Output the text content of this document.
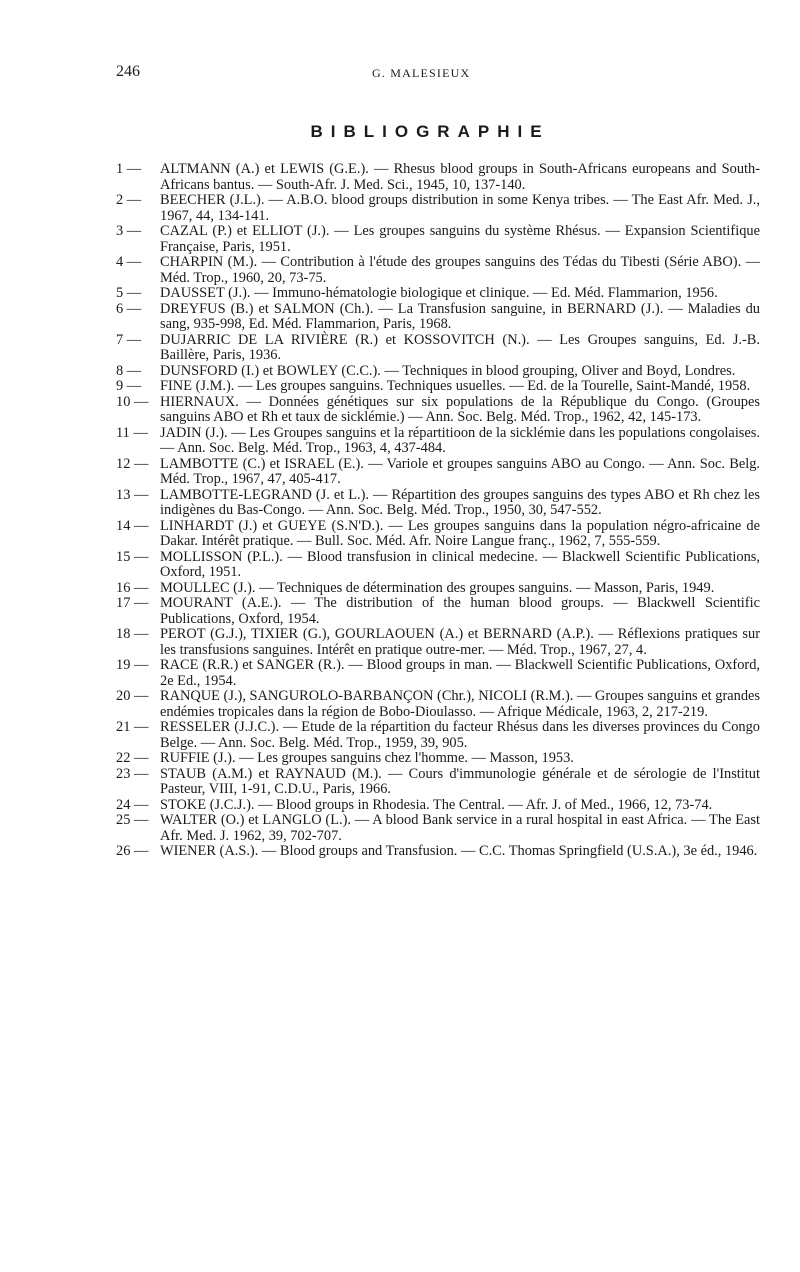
246	G. MALESIEUX
BIBLIOGRAPHIE
1 —	ALTMANN (A.) et LEWIS (G.E.). — Rhesus blood groups in South-Africans europeans and South-Africans bantus. — South-Afr. J. Med. Sci., 1945, 10, 137-140.
2 —	BEECHER (J.L.). — A.B.O. blood groups distribution in some Kenya tribes. — The East Afr. Med. J., 1967, 44, 134-141.
3 —	CAZAL (P.) et ELLIOT (J.). — Les groupes sanguins du système Rhésus. — Expansion Scientifique Française, Paris, 1951.
4 —	CHARPIN (M.). — Contribution à l'étude des groupes sanguins des Tédas du Tibesti (Série ABO). — Méd. Trop., 1960, 20, 73-75.
5 —	DAUSSET (J.). — Immuno-hématologie biologique et clinique. — Ed. Méd. Flammarion, 1956.
6 —	DREYFUS (B.) et SALMON (Ch.). — La Transfusion sanguine, in BERNARD (J.). — Maladies du sang, 935-998, Ed. Méd. Flammarion, Paris, 1968.
7 —	DUJARRIC DE LA RIVIÈRE (R.) et KOSSOVITCH (N.). — Les Groupes sanguins, Ed. J.-B. Baillère, Paris, 1936.
8 —	DUNSFORD (I.) et BOWLEY (C.C.). — Techniques in blood grouping, Oliver and Boyd, Londres.
9 —	FINE (J.M.). — Les groupes sanguins. Techniques usuelles. — Ed. de la Tourelle, Saint-Mandé, 1958.
10 — HIERNAUX. — Données génétiques sur six populations de la République du Congo. (Groupes sanguins ABO et Rh et taux de sicklémie.) — Ann. Soc. Belg. Méd. Trop., 1962, 42, 145-173.
11 — JADIN (J.). — Les Groupes sanguins et la répartitioon de la sicklémie dans les populations congolaises. — Ann. Soc. Belg. Méd. Trop., 1963, 4, 437-484.
12 — LAMBOTTE (C.) et ISRAEL (E.). — Variole et groupes sanguins ABO au Congo. — Ann. Soc. Belg. Méd. Trop., 1967, 47, 405-417.
13 — LAMBOTTE-LEGRAND (J. et L.). — Répartition des groupes sanguins des types ABO et Rh chez les indigènes du Bas-Congo. — Ann. Soc. Belg. Méd. Trop., 1950, 30, 547-552.
14 — LINHARDT (J.) et GUEYE (S.N'D.). — Les groupes sanguins dans la population négro-africaine de Dakar. Intérêt pratique. — Bull. Soc. Méd. Afr. Noire Langue franç., 1962, 7, 555-559.
15 — MOLLISSON (P.L.). — Blood transfusion in clinical medecine. — Blackwell Scientific Publications, Oxford, 1951.
16 — MOULLEC (J.). — Techniques de détermination des groupes sanguins. — Masson, Paris, 1949.
17 — MOURANT (A.E.). — The distribution of the human blood groups. — Blackwell Scientific Publications, Oxford, 1954.
18 — PEROT (G.J.), TIXIER (G.), GOURLAOUEN (A.) et BERNARD (A.P.). — Réflexions pratiques sur les transfusions sanguines. Intérêt en pratique outre-mer. — Méd. Trop., 1967, 27, 4.
19 — RACE (R.R.) et SANGER (R.). — Blood groups in man. — Blackwell Scientific Publications, Oxford, 2e Ed., 1954.
20 — RANQUE (J.), SANGUROLO-BARBANÇON (Chr.), NICOLI (R.M.). — Groupes sanguins et grandes endémies tropicales dans la région de Bobo-Dioulasso. — Afrique Médicale, 1963, 2, 217-219.
21 — RESSELER (J.J.C.). — Etude de la répartition du facteur Rhésus dans les diverses provinces du Congo Belge. — Ann. Soc. Belg. Méd. Trop., 1959, 39, 905.
22 — RUFFIE (J.). — Les groupes sanguins chez l'homme. — Masson, 1953.
23 — STAUB (A.M.) et RAYNAUD (M.). — Cours d'immunologie générale et de sérologie de l'Institut Pasteur, VIII, 1-91, C.D.U., Paris, 1966.
24 — STOKE (J.C.J.). — Blood groups in Rhodesia. The Central. — Afr. J. of Med., 1966, 12, 73-74.
25 — WALTER (O.) et LANGLO (L.). — A blood Bank service in a rural hospital in east Africa. — The East Afr. Med. J. 1962, 39, 702-707.
26 — WIENER (A.S.). — Blood groups and Transfusion. — C.C. Thomas Springfield (U.S.A.), 3e éd., 1946.
